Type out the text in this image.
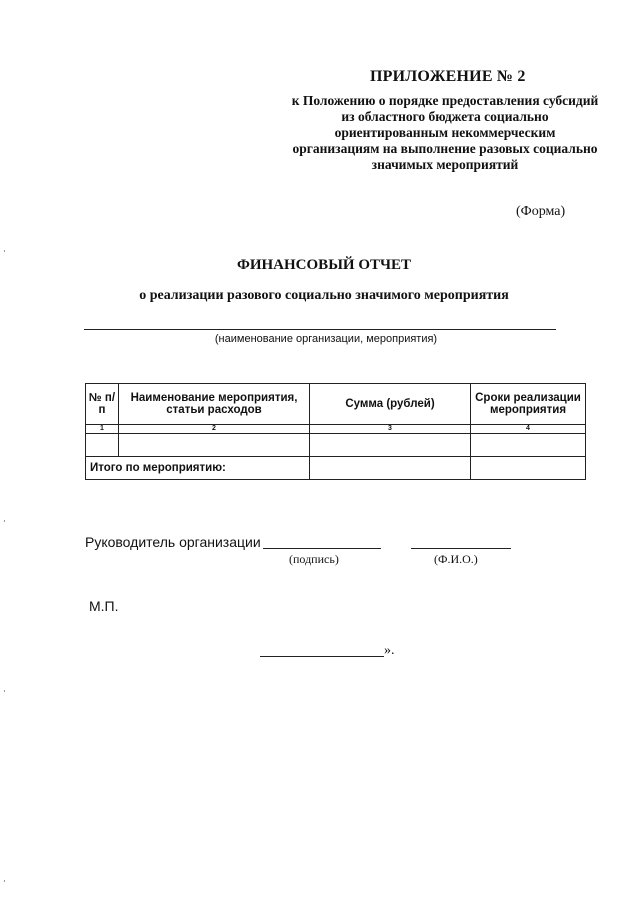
ПРИЛОЖЕНИЕ № 2
к Положению о порядке предоставления субсидий из областного бюджета социально ориентированным некоммерческим организациям на выполнение разовых социально значимых мероприятий
(Форма)
ФИНАНСОВЫЙ ОТЧЕТ
о реализации разового социально значимого мероприятия
(наименование организации, мероприятия)
№ п/п	Наименование мероприятия, статьи расходов	Сумма (рублей)	Сроки реализации мероприятия
1	2	3	4

Итого по мероприятию:			
Руководитель организации
(подпись)	(Ф.И.О.)
М.П.
».
